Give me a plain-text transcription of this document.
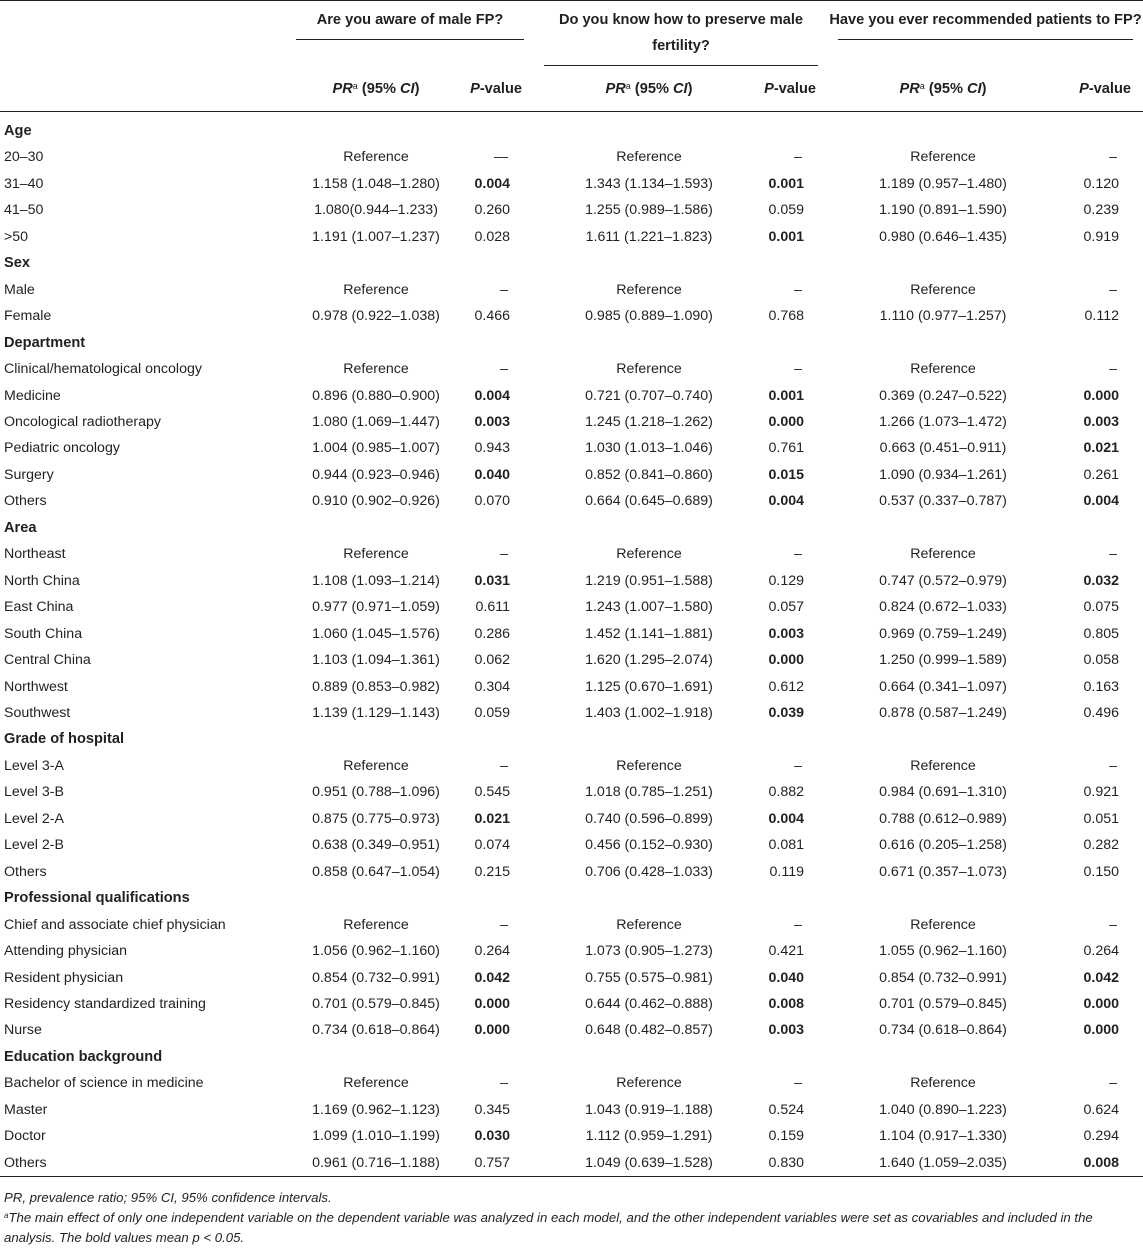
	Are you aware of male FP?		Do you know how to preserve male fertility?		Have you ever recommended patients to FP?	

	$PR^a$ (95% CI)	P-value	$PR^a$ (95% CI)	P-value	$PR^a$ (95% CI)	P-value

Age						
20–30	Reference	—	Reference	–	Reference	–
31–40	1.158 (1.048–1.280)	0.004	1.343 (1.134–1.593)	0.001	1.189 (0.957–1.480)	0.120
41–50	1.080(0.944–1.233)	0.260	1.255 (0.989–1.586)	0.059	1.190 (0.891–1.590)	0.239
>50	1.191 (1.007–1.237)	0.028	1.611 (1.221–1.823)	0.001	0.980 (0.646–1.435)	0.919
Sex						
Male	Reference	–	Reference	–	Reference	–
Female	0.978 (0.922–1.038)	0.466	0.985 (0.889–1.090)	0.768	1.110 (0.977–1.257)	0.112
Department						
Clinical/hematological oncology	Reference	–	Reference	–	Reference	–
Medicine	0.896 (0.880–0.900)	0.004	0.721 (0.707–0.740)	0.001	0.369 (0.247–0.522)	0.000
Oncological radiotherapy	1.080 (1.069–1.447)	0.003	1.245 (1.218–1.262)	0.000	1.266 (1.073–1.472)	0.003
Pediatric oncology	1.004 (0.985–1.007)	0.943	1.030 (1.013–1.046)	0.761	0.663 (0.451–0.911)	0.021
Surgery	0.944 (0.923–0.946)	0.040	0.852 (0.841–0.860)	0.015	1.090 (0.934–1.261)	0.261
Others	0.910 (0.902–0.926)	0.070	0.664 (0.645–0.689)	0.004	0.537 (0.337–0.787)	0.004
Area						
Northeast	Reference	–	Reference	–	Reference	–
North China	1.108 (1.093–1.214)	0.031	1.219 (0.951–1.588)	0.129	0.747 (0.572–0.979)	0.032
East China	0.977 (0.971–1.059)	0.611	1.243 (1.007–1.580)	0.057	0.824 (0.672–1.033)	0.075
South China	1.060 (1.045–1.576)	0.286	1.452 (1.141–1.881)	0.003	0.969 (0.759–1.249)	0.805
Central China	1.103 (1.094–1.361)	0.062	1.620 (1.295–2.074)	0.000	1.250 (0.999–1.589)	0.058
Northwest	0.889 (0.853–0.982)	0.304	1.125 (0.670–1.691)	0.612	0.664 (0.341–1.097)	0.163
Southwest	1.139 (1.129–1.143)	0.059	1.403 (1.002–1.918)	0.039	0.878 (0.587–1.249)	0.496
Grade of hospital						
Level 3-A	Reference	–	Reference	–	Reference	–
Level 3-B	0.951 (0.788–1.096)	0.545	1.018 (0.785–1.251)	0.882	0.984 (0.691–1.310)	0.921
Level 2-A	0.875 (0.775–0.973)	0.021	0.740 (0.596–0.899)	0.004	0.788 (0.612–0.989)	0.051
Level 2-B	0.638 (0.349–0.951)	0.074	0.456 (0.152–0.930)	0.081	0.616 (0.205–1.258)	0.282
Others	0.858 (0.647–1.054)	0.215	0.706 (0.428–1.033)	0.119	0.671 (0.357–1.073)	0.150
Professional qualifications						
Chief and associate chief physician	Reference	–	Reference	–	Reference	–
Attending physician	1.056 (0.962–1.160)	0.264	1.073 (0.905–1.273)	0.421	1.055 (0.962–1.160)	0.264
Resident physician	0.854 (0.732–0.991)	0.042	0.755 (0.575–0.981)	0.040	0.854 (0.732–0.991)	0.042
Residency standardized training	0.701 (0.579–0.845)	0.000	0.644 (0.462–0.888)	0.008	0.701 (0.579–0.845)	0.000
Nurse	0.734 (0.618–0.864)	0.000	0.648 (0.482–0.857)	0.003	0.734 (0.618–0.864)	0.000
Education background						
Bachelor of science in medicine	Reference	–	Reference	–	Reference	–
Master	1.169 (0.962–1.123)	0.345	1.043 (0.919–1.188)	0.524	1.040 (0.890–1.223)	0.624
Doctor	1.099 (1.010–1.199)	0.030	1.112 (0.959–1.291)	0.159	1.104 (0.917–1.330)	0.294
Others	0.961 (0.716–1.188)	0.757	1.049 (0.639–1.528)	0.830	1.640 (1.059–2.035)	0.008

PR, prevalence ratio; 95% CI, 95% confidence intervals.

$^a$The main effect of only one independent variable on the dependent variable was analyzed in each model, and the other independent variables were set as covariables and included in the analysis. The bold values mean p < 0.05.
